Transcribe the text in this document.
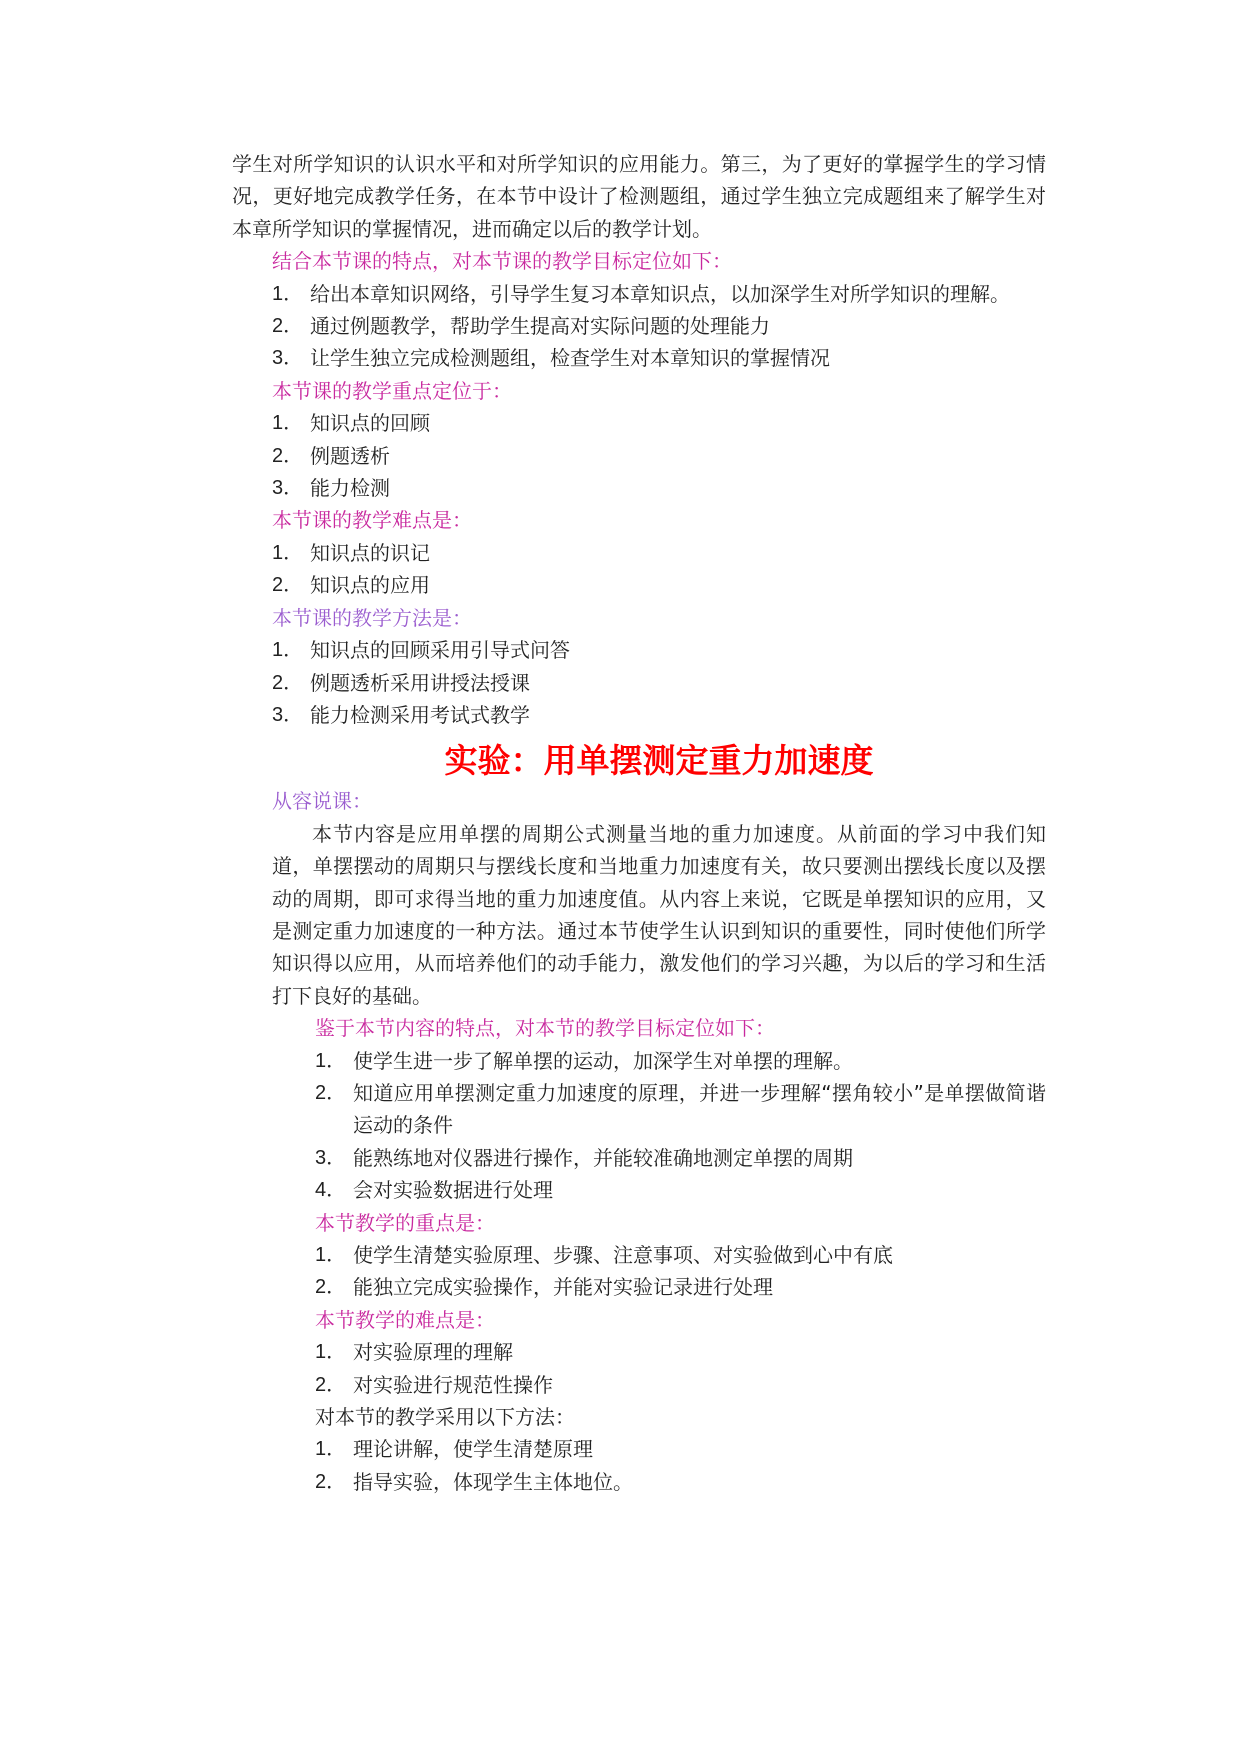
学生对所学知识的认识水平和对所学知识的应用能力。第三，为了更好的掌握学生的学习情况，更好地完成教学任务，在本节中设计了检测题组，通过学生独立完成题组来了解学生对本章所学知识的掌握情况，进而确定以后的教学计划。

结合本节课的特点，对本节课的教学目标定位如下：

1． 给出本章知识网络，引导学生复习本章知识点，以加深学生对所学知识的理解。
2． 通过例题教学，帮助学生提高对实际问题的处理能力
3． 让学生独立完成检测题组，检查学生对本章知识的掌握情况

本节课的教学重点定位于：

1． 知识点的回顾
2． 例题透析
3． 能力检测

本节课的教学难点是：

1． 知识点的识记
2． 知识点的应用

本节课的教学方法是：

1． 知识点的回顾采用引导式问答
2． 例题透析采用讲授法授课
3． 能力检测采用考试式教学
实验：用单摆测定重力加速度

从容说课：

本节内容是应用单摆的周期公式测量当地的重力加速度。从前面的学习中我们知道，单摆摆动的周期只与摆线长度和当地重力加速度有关，故只要测出摆线长度以及摆动的周期，即可求得当地的重力加速度值。从内容上来说，它既是单摆知识的应用，又是测定重力加速度的一种方法。通过本节使学生认识到知识的重要性，同时使他们所学知识得以应用，从而培养他们的动手能力，激发他们的学习兴趣，为以后的学习和生活打下良好的基础。

鉴于本节内容的特点，对本节的教学目标定位如下：

1． 使学生进一步了解单摆的运动，加深学生对单摆的理解。
2． 知道应用单摆测定重力加速度的原理，并进一步理解“摆角较小”是单摆做简谐运动的条件
3． 能熟练地对仪器进行操作，并能较准确地测定单摆的周期
4． 会对实验数据进行处理

本节教学的重点是：

1． 使学生清楚实验原理、步骤、注意事项、对实验做到心中有底
2． 能独立完成实验操作，并能对实验记录进行处理

本节教学的难点是：

1． 对实验原理的理解
2． 对实验进行规范性操作

对本节的教学采用以下方法：

1． 理论讲解，使学生清楚原理
2． 指导实验，体现学生主体地位。
